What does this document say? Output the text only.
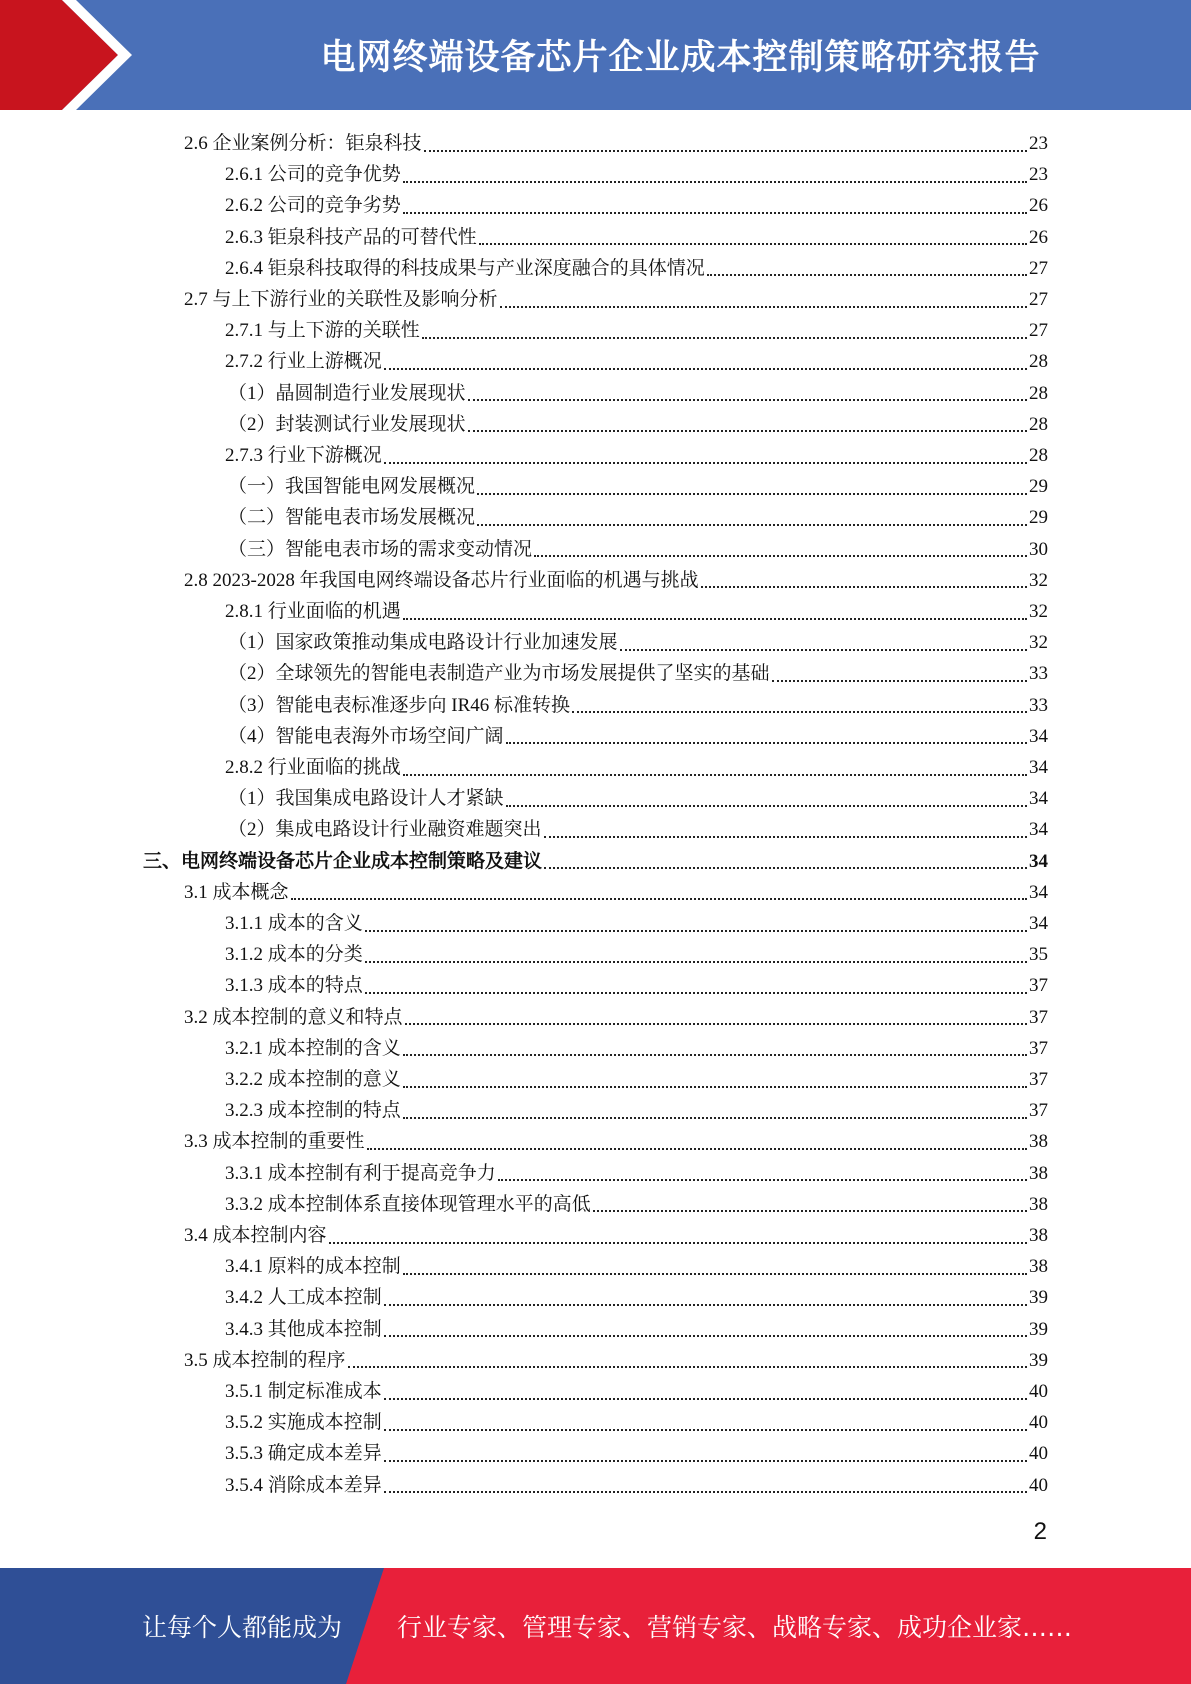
电网终端设备芯片企业成本控制策略研究报告
2.6 企业案例分析：钜泉科技	23
2.6.1 公司的竞争优势	23
2.6.2 公司的竞争劣势	26
2.6.3 钜泉科技产品的可替代性	26
2.6.4 钜泉科技取得的科技成果与产业深度融合的具体情况	27
2.7 与上下游行业的关联性及影响分析	27
2.7.1 与上下游的关联性	27
2.7.2 行业上游概况	28
（1）晶圆制造行业发展现状	28
（2）封装测试行业发展现状	28
2.7.3 行业下游概况	28
（一）我国智能电网发展概况	29
（二）智能电表市场发展概况	29
（三）智能电表市场的需求变动情况	30
2.8 2023-2028 年我国电网终端设备芯片行业面临的机遇与挑战	32
2.8.1 行业面临的机遇	32
（1）国家政策推动集成电路设计行业加速发展	32
（2）全球领先的智能电表制造产业为市场发展提供了坚实的基础	33
（3）智能电表标准逐步向 IR46 标准转换	33
（4）智能电表海外市场空间广阔	34
2.8.2 行业面临的挑战	34
（1）我国集成电路设计人才紧缺	34
（2）集成电路设计行业融资难题突出	34
三、电网终端设备芯片企业成本控制策略及建议	34
3.1 成本概念	34
3.1.1 成本的含义	34
3.1.2 成本的分类	35
3.1.3 成本的特点	37
3.2 成本控制的意义和特点	37
3.2.1 成本控制的含义	37
3.2.2 成本控制的意义	37
3.2.3 成本控制的特点	37
3.3 成本控制的重要性	38
3.3.1 成本控制有利于提高竞争力	38
3.3.2 成本控制体系直接体现管理水平的高低	38
3.4 成本控制内容	38
3.4.1 原料的成本控制	38
3.4.2 人工成本控制	39
3.4.3 其他成本控制	39
3.5 成本控制的程序	39
3.5.1 制定标准成本	40
3.5.2 实施成本控制	40
3.5.3 确定成本差异	40
3.5.4 消除成本差异	40
2
让每个人都能成为 行业专家、管理专家、营销专家、战略专家、成功企业家……
